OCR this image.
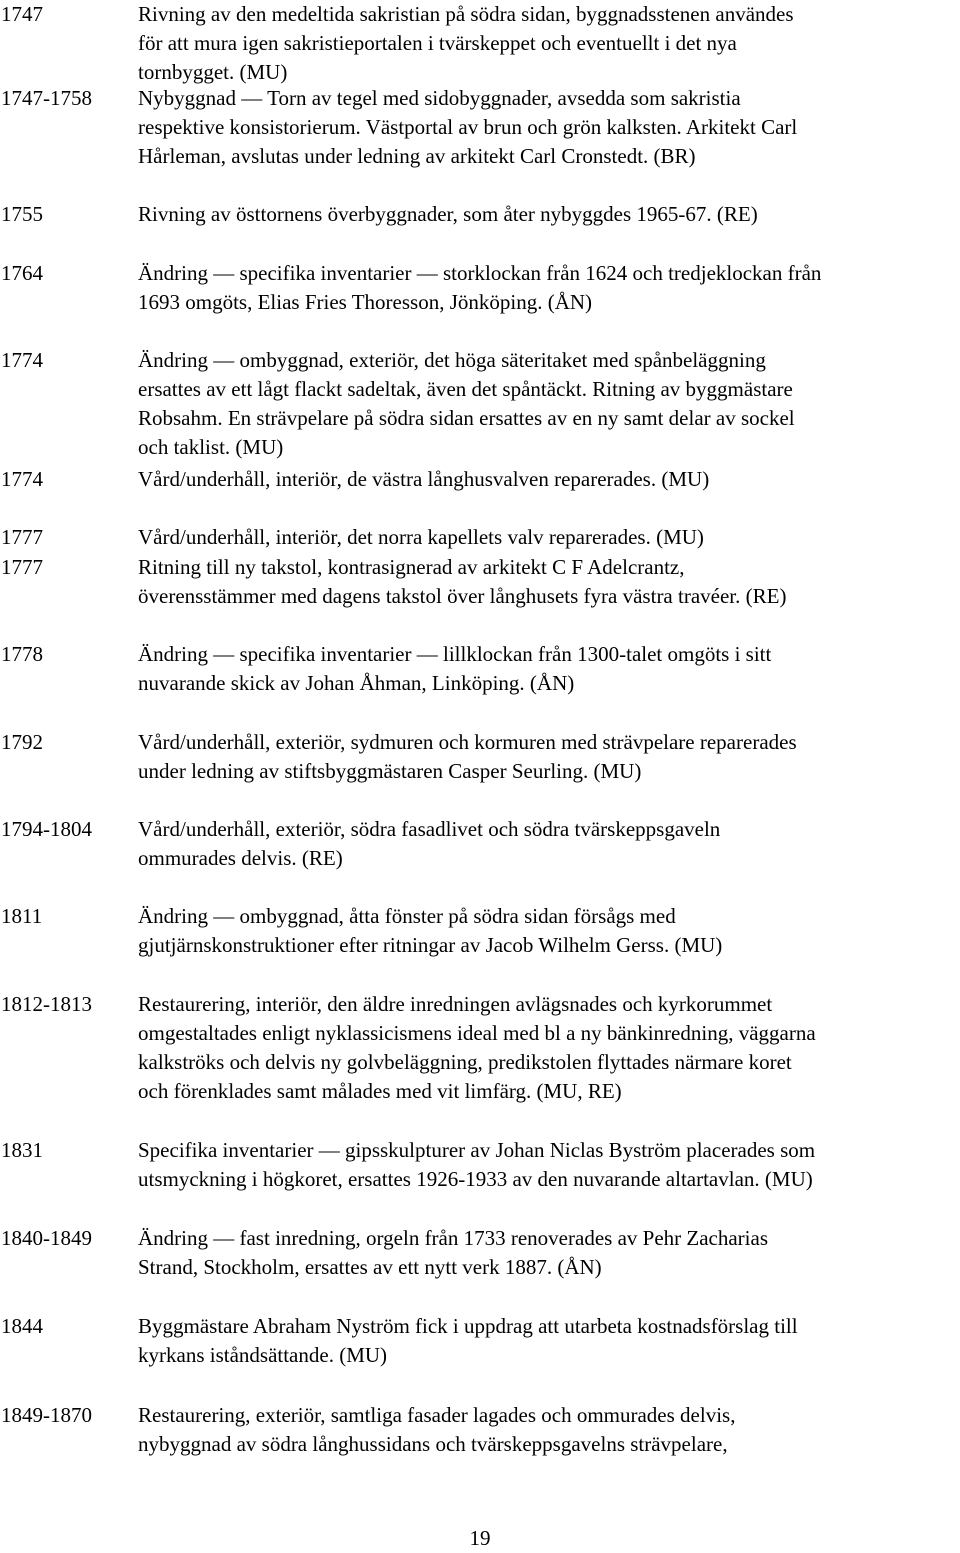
1747	Rivning av den medeltida sakristian på södra sidan, byggnadsstenen användes
för att mura igen sakristieportalen i tvärskeppet och eventuellt i det nya
tornbygget. (MU)
1747-1758	Nybyggnad — Torn av tegel med sidobyggnader, avsedda som sakristia
respektive konsistorierum. Västportal av brun och grön kalksten. Arkitekt Carl
Hårleman, avslutas under ledning av arkitekt Carl Cronstedt. (BR)
1755	Rivning av östtornens överbyggnader, som åter nybyggdes 1965-67. (RE)
1764	Ändring — specifika inventarier — storklockan från 1624 och tredjeklockan från
1693 omgöts, Elias Fries Thoresson, Jönköping. (ÅN)
1774	Ändring — ombyggnad, exteriör, det höga säteritaket med spånbeläggning
ersattes av ett lågt flackt sadeltak, även det spåntäckt. Ritning av byggmästare
Robsahm. En strävpelare på södra sidan ersattes av en ny samt delar av sockel
och taklist. (MU)
1774	Vård/underhåll, interiör, de västra långhusvalven reparerades. (MU)
1777	Vård/underhåll, interiör, det norra kapellets valv reparerades. (MU)
1777	Ritning till ny takstol, kontrasignerad av arkitekt C F Adelcrantz,
överensstämmer med dagens takstol över långhusets fyra västra travéer. (RE)
1778	Ändring — specifika inventarier — lillklockan från 1300-talet omgöts i sitt
nuvarande skick av Johan Åhman, Linköping. (ÅN)
1792	Vård/underhåll, exteriör, sydmuren och kormuren med strävpelare reparerades
under ledning av stiftsbyggmästaren Casper Seurling. (MU)
1794-1804	Vård/underhåll, exteriör, södra fasadlivet och södra tvärskeppsgaveln
ommurades delvis. (RE)
1811	Ändring — ombyggnad, åtta fönster på södra sidan försågs med
gjutjärnskonstruktioner efter ritningar av Jacob Wilhelm Gerss. (MU)
1812-1813	Restaurering, interiör, den äldre inredningen avlägsnades och kyrkorummet
omgestaltades enligt nyklassicismens ideal med bl a ny bänkinredning, väggarna
kalkströks och delvis ny golvbeläggning, predikstolen flyttades närmare koret
och förenklades samt målades med vit limfärg. (MU, RE)
1831	Specifika inventarier — gipsskulpturer av Johan Niclas Byström placerades som
utsmyckning i högkoret, ersattes 1926-1933 av den nuvarande altartavlan. (MU)
1840-1849	Ändring — fast inredning, orgeln från 1733 renoverades av Pehr Zacharias
Strand, Stockholm, ersattes av ett nytt verk 1887. (ÅN)
1844	Byggmästare Abraham Nyström fick i uppdrag att utarbeta kostnadsförslag till
kyrkans iståndsättande. (MU)
1849-1870	Restaurering, exteriör, samtliga fasader lagades och ommurades delvis,
nybyggnad av södra långhussidans och tvärskeppsgavelns strävpelare,
19
